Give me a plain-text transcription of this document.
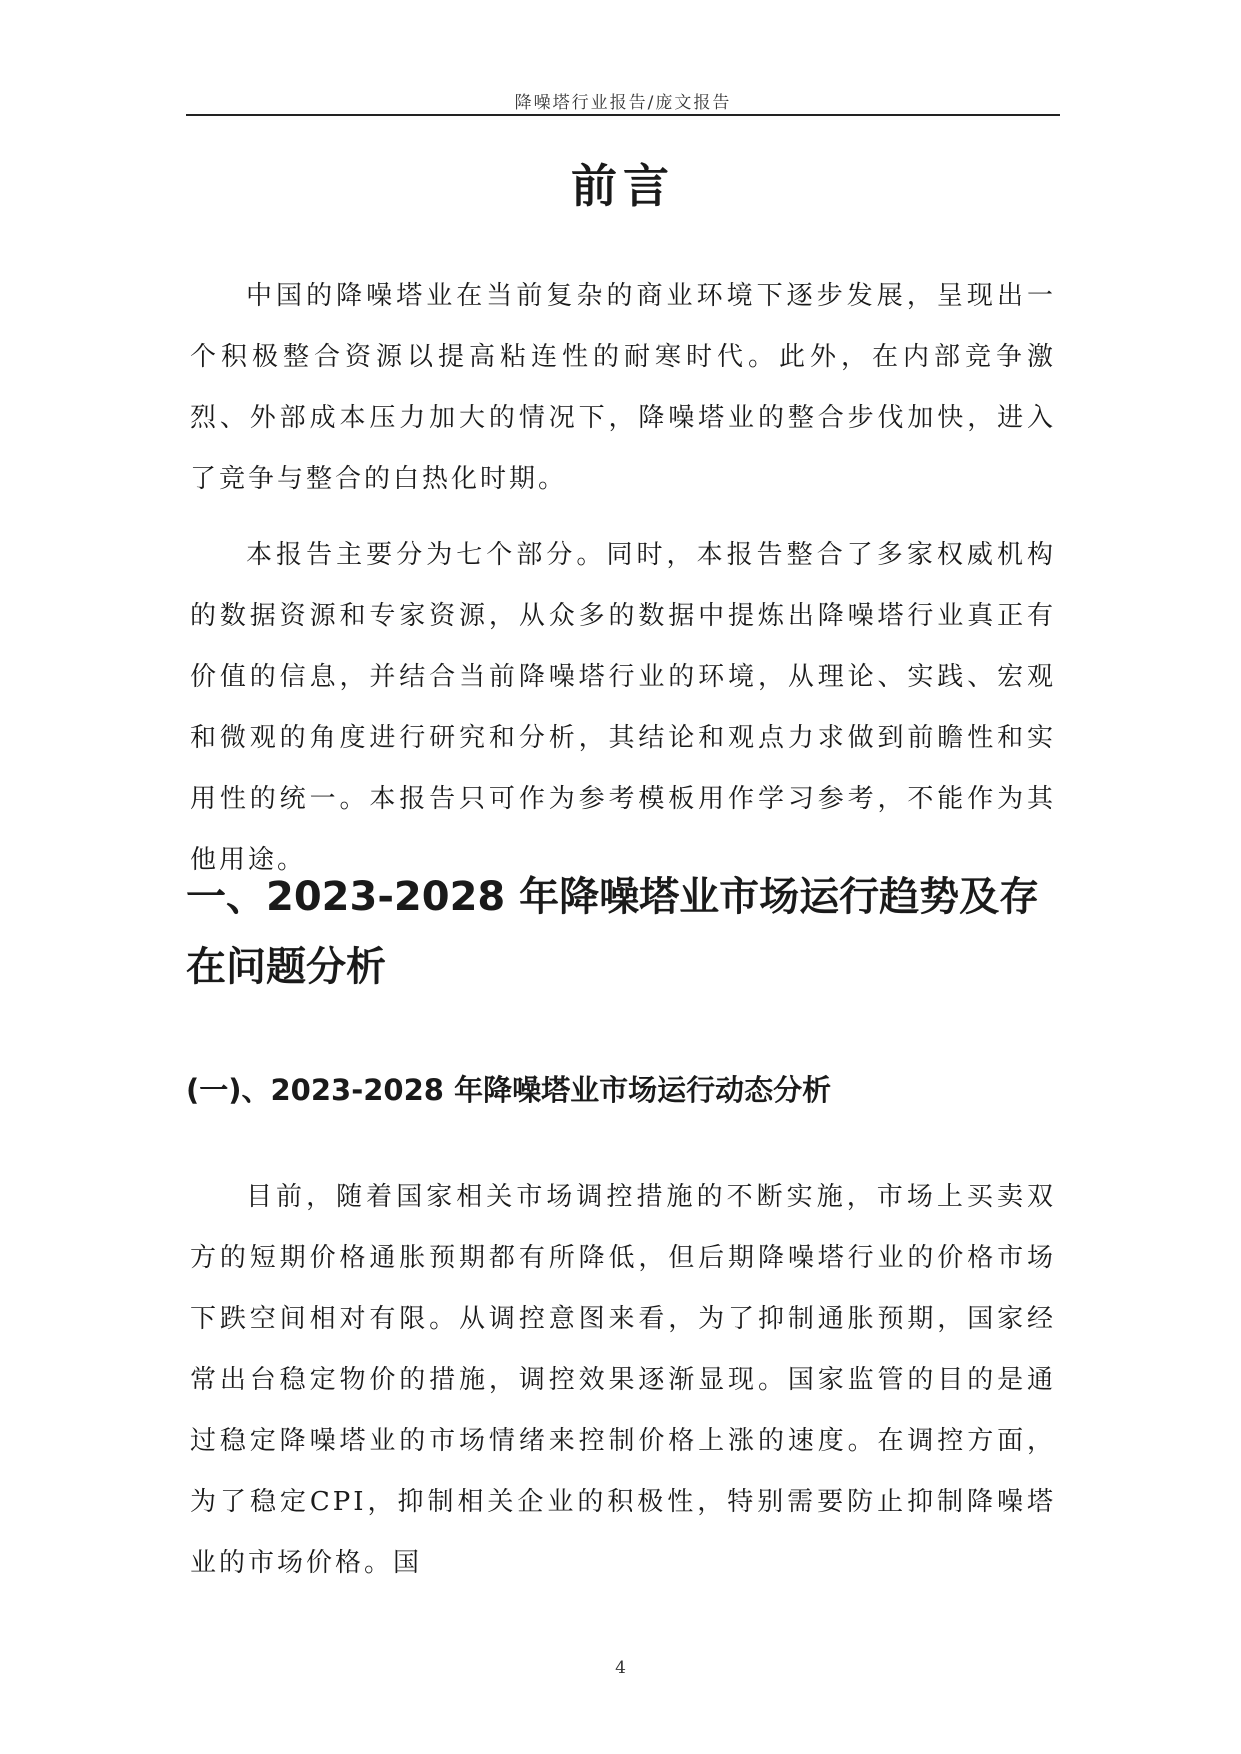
降噪塔行业报告/庞文报告
前言

中国的降噪塔业在当前复杂的商业环境下逐步发展，呈现出一个积极整合资源以提高粘连性的耐寒时代。此外，在内部竞争激烈、外部成本压力加大的情况下，降噪塔业的整合步伐加快，进入了竞争与整合的白热化时期。

本报告主要分为七个部分。同时，本报告整合了多家权威机构的数据资源和专家资源，从众多的数据中提炼出降噪塔行业真正有价值的信息，并结合当前降噪塔行业的环境，从理论、实践、宏观和微观的角度进行研究和分析，其结论和观点力求做到前瞻性和实用性的统一。本报告只可作为参考模板用作学习参考，不能作为其他用途。

一、2023-2028 年降噪塔业市场运行趋势及存在问题分析
(一)、2023-2028 年降噪塔业市场运行动态分析

目前，随着国家相关市场调控措施的不断实施，市场上买卖双方的短期价格通胀预期都有所降低，但后期降噪塔行业的价格市场下跌空间相对有限。从调控意图来看，为了抑制通胀预期，国家经常出台稳定物价的措施，调控效果逐渐显现。国家监管的目的是通过稳定降噪塔业的市场情绪来控制价格上涨的速度。在调控方面，为了稳定CPI，抑制相关企业的积极性，特别需要防止抑制降噪塔业的市场价格。国

4
